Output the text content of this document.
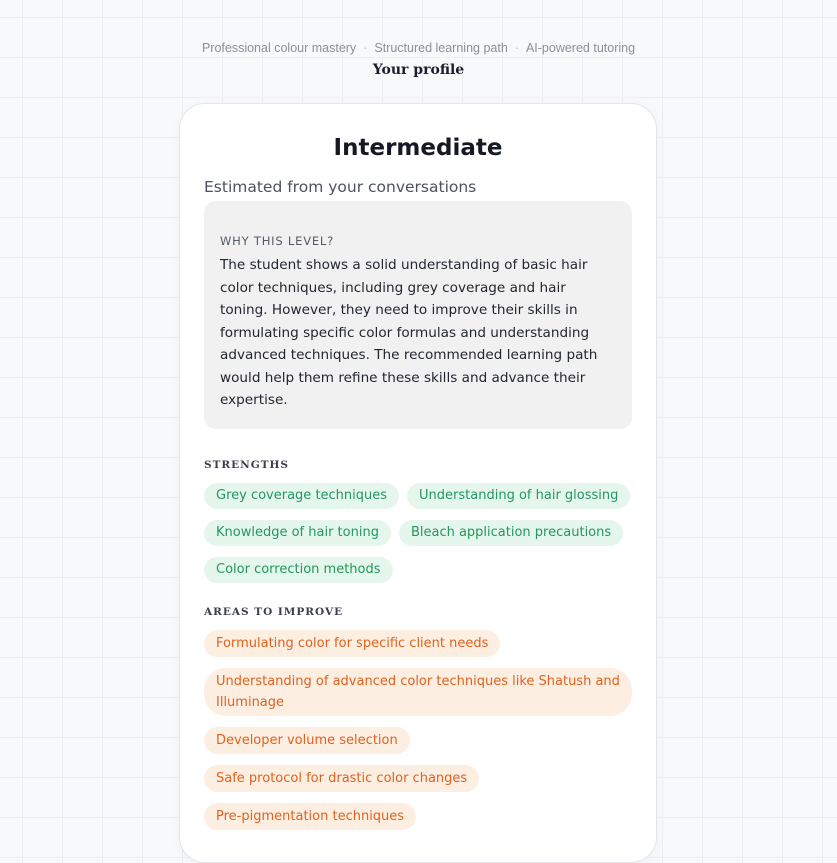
Professional colour mastery · Structured learning path · AI-powered tutoring
Your profile
Intermediate
Estimated from your conversations
WHY THIS LEVEL?
The student shows a solid understanding of basic hair color techniques, including grey coverage and hair toning. However, they need to improve their skills in formulating specific color formulas and understanding advanced techniques. The recommended learning path would help them refine these skills and advance their expertise.
STRENGTHS
Grey coverage techniques	Understanding of hair glossing
Knowledge of hair toning	Bleach application precautions
Color correction methods
AREAS TO IMPROVE
Formulating color for specific client needs
Understanding of advanced color techniques like Shatush and Illuminage
Developer volume selection
Safe protocol for drastic color changes
Pre-pigmentation techniques
